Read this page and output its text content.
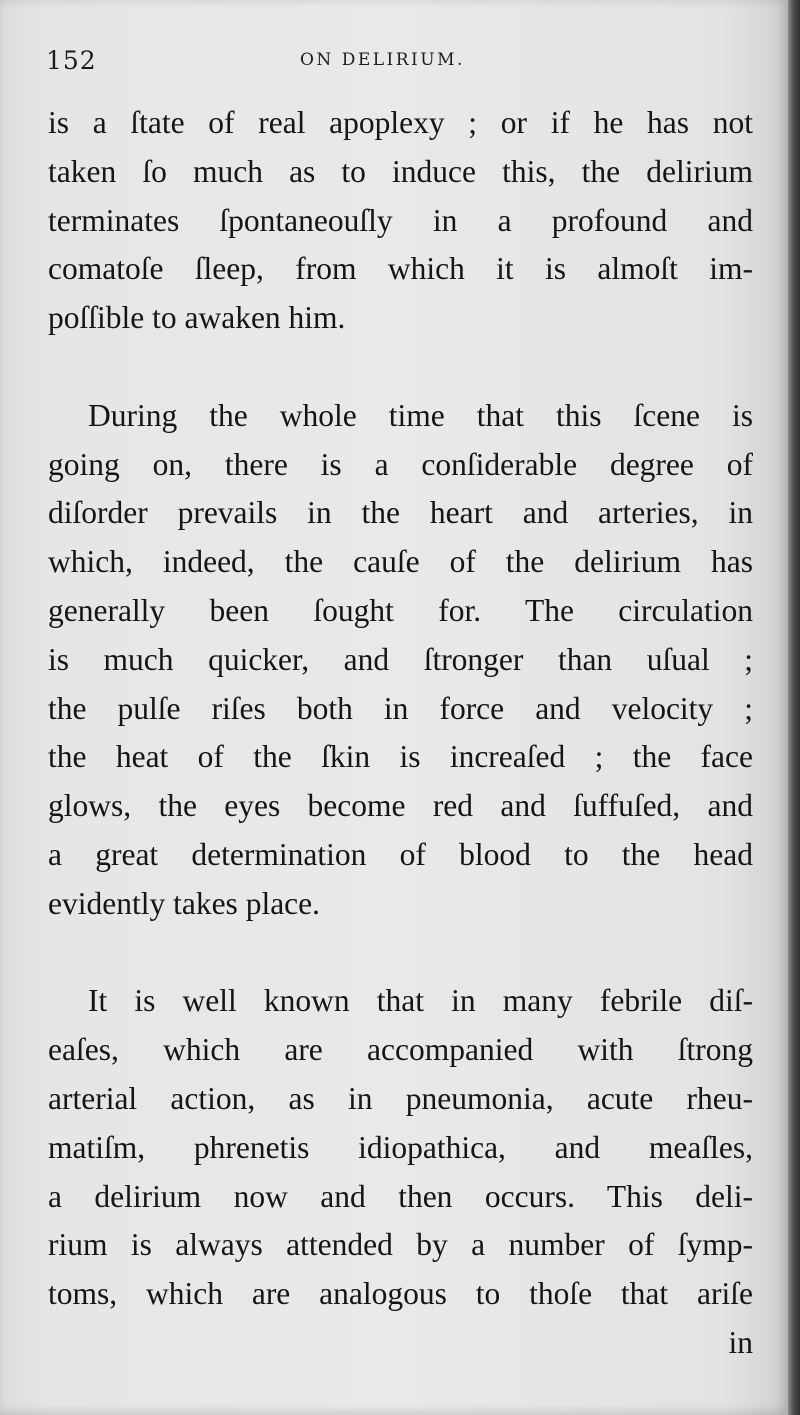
152	ON DELIRIUM.
is a ſtate of real apoplexy ; or if he has not
taken ſo much as to induce this, the delirium
terminates ſpontaneouſly in a profound and
comatoſe ſleep, from which it is almoſt im-
poſſible to awaken him.
During the whole time that this ſcene is
going on, there is a conſiderable degree of
diſorder prevails in the heart and arteries, in
which, indeed, the cauſe of the delirium has
generally been ſought for. The circulation
is much quicker, and ſtronger than uſual ;
the pulſe riſes both in force and velocity ;
the heat of the ſkin is increaſed ; the face
glows, the eyes become red and ſuffuſed, and
a great determination of blood to the head
evidently takes place.
It is well known that in many febrile diſ-
eaſes, which are accompanied with ſtrong
arterial action, as in pneumonia, acute rheu-
matiſm, phrenetis idiopathica, and meaſles,
a delirium now and then occurs. This deli-
rium is always attended by a number of ſymp-
toms, which are analogous to thoſe that ariſe
in
